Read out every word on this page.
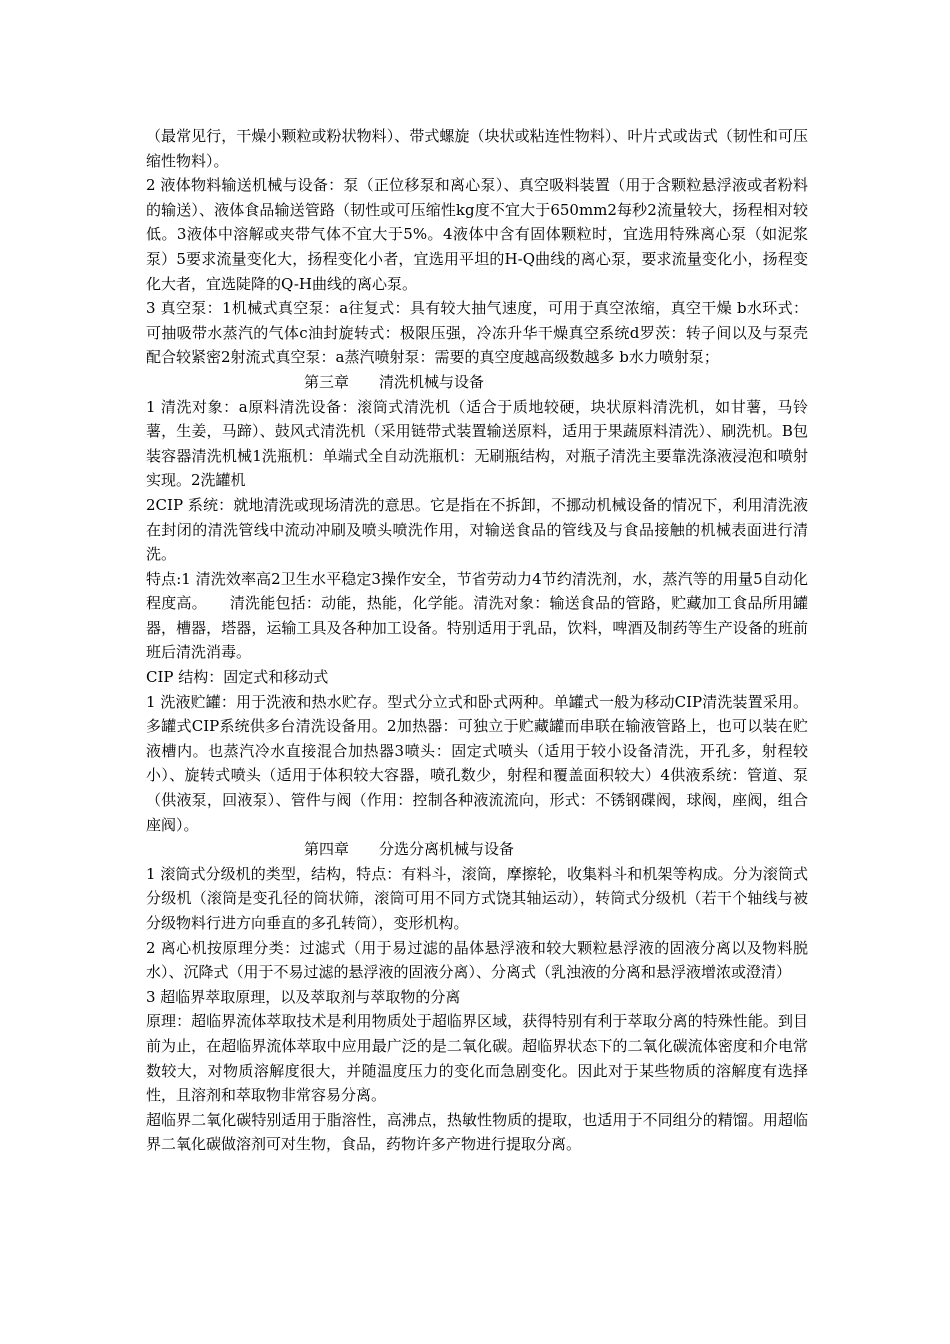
（最常见行，干燥小颗粒或粉状物料）、带式螺旋（块状或粘连性物料）、叶片式或齿式（韧性和可压缩性物料）。

2 液体物料输送机械与设备：泵（正位移泵和离心泵）、真空吸料装置（用于含颗粒悬浮液或者粉料的输送）、液体食品输送管路（韧性或可压缩性kg度不宜大于650mm2每秒2流量较大，扬程相对较低。3液体中溶解或夹带气体不宜大于5%。4液体中含有固体颗粒时，宜选用特殊离心泵（如泥浆泵）5要求流量变化大，扬程变化小者，宜选用平坦的H-Q曲线的离心泵，要求流量变化小，扬程变化大者，宜选陡降的Q-H曲线的离心泵。

3 真空泵：1机械式真空泵：a往复式：具有较大抽气速度，可用于真空浓缩，真空干燥 b水环式：可抽吸带水蒸汽的气体c油封旋转式：极限压强，冷冻升华干燥真空系统d罗茨：转子间以及与泵壳配合较紧密2射流式真空泵：a蒸汽喷射泵：需要的真空度越高级数越多 b水力喷射泵；

第三章　　清洗机械与设备

1 清洗对象：a原料清洗设备：滚筒式清洗机（适合于质地较硬，块状原料清洗机，如甘薯，马铃薯，生姜，马蹄）、鼓风式清洗机（采用链带式装置输送原料，适用于果蔬原料清洗）、刷洗机。B包装容器清洗机械1洗瓶机：单端式全自动洗瓶机：无刷瓶结构，对瓶子清洗主要靠洗涤液浸泡和喷射实现。2洗罐机

2CIP 系统：就地清洗或现场清洗的意思。它是指在不拆卸，不挪动机械设备的情况下，利用清洗液在封闭的清洗管线中流动冲刷及喷头喷洗作用，对输送食品的管线及与食品接触的机械表面进行清洗。

特点:1 清洗效率高2卫生水平稳定3操作安全，节省劳动力4节约清洗剂，水，蒸汽等的用量5自动化程度高。　　清洗能包括：动能，热能，化学能。清洗对象：输送食品的管路，贮藏加工食品所用罐器，槽器，塔器，运输工具及各种加工设备。特别适用于乳品，饮料，啤酒及制药等生产设备的班前班后清洗消毒。

CIP 结构：固定式和移动式

1 洗液贮罐：用于洗液和热水贮存。型式分立式和卧式两种。单罐式一般为移动CIP清洗装置采用。多罐式CIP系统供多台清洗设备用。2加热器：可独立于贮藏罐而串联在输液管路上，也可以装在贮液槽内。也蒸汽冷水直接混合加热器3喷头：固定式喷头（适用于较小设备清洗，开孔多，射程较小）、旋转式喷头（适用于体积较大容器，喷孔数少，射程和覆盖面积较大）4供液系统：管道、泵（供液泵，回液泵）、管件与阀（作用：控制各种液流流向，形式：不锈钢碟阀，球阀，座阀，组合座阀）。

第四章　　分选分离机械与设备

1 滚筒式分级机的类型，结构，特点：有料斗，滚筒，摩擦轮，收集料斗和机架等构成。分为滚筒式分级机（滚筒是变孔径的筒状筛，滚筒可用不同方式饶其轴运动），转筒式分级机（若干个轴线与被分级物料行进方向垂直的多孔转筒），变形机构。

2 离心机按原理分类：过滤式（用于易过滤的晶体悬浮液和较大颗粒悬浮液的固液分离以及物料脱水）、沉降式（用于不易过滤的悬浮液的固液分离）、分离式（乳浊液的分离和悬浮液增浓或澄清）

3 超临界萃取原理，以及萃取剂与萃取物的分离

原理：超临界流体萃取技术是利用物质处于超临界区域，获得特别有利于萃取分离的特殊性能。到目前为止，在超临界流体萃取中应用最广泛的是二氧化碳。超临界状态下的二氧化碳流体密度和介电常数较大，对物质溶解度很大，并随温度压力的变化而急剧变化。因此对于某些物质的溶解度有选择性，且溶剂和萃取物非常容易分离。

超临界二氧化碳特别适用于脂溶性，高沸点，热敏性物质的提取，也适用于不同组分的精馏。用超临界二氧化碳做溶剂可对生物，食品，药物许多产物进行提取分离。
